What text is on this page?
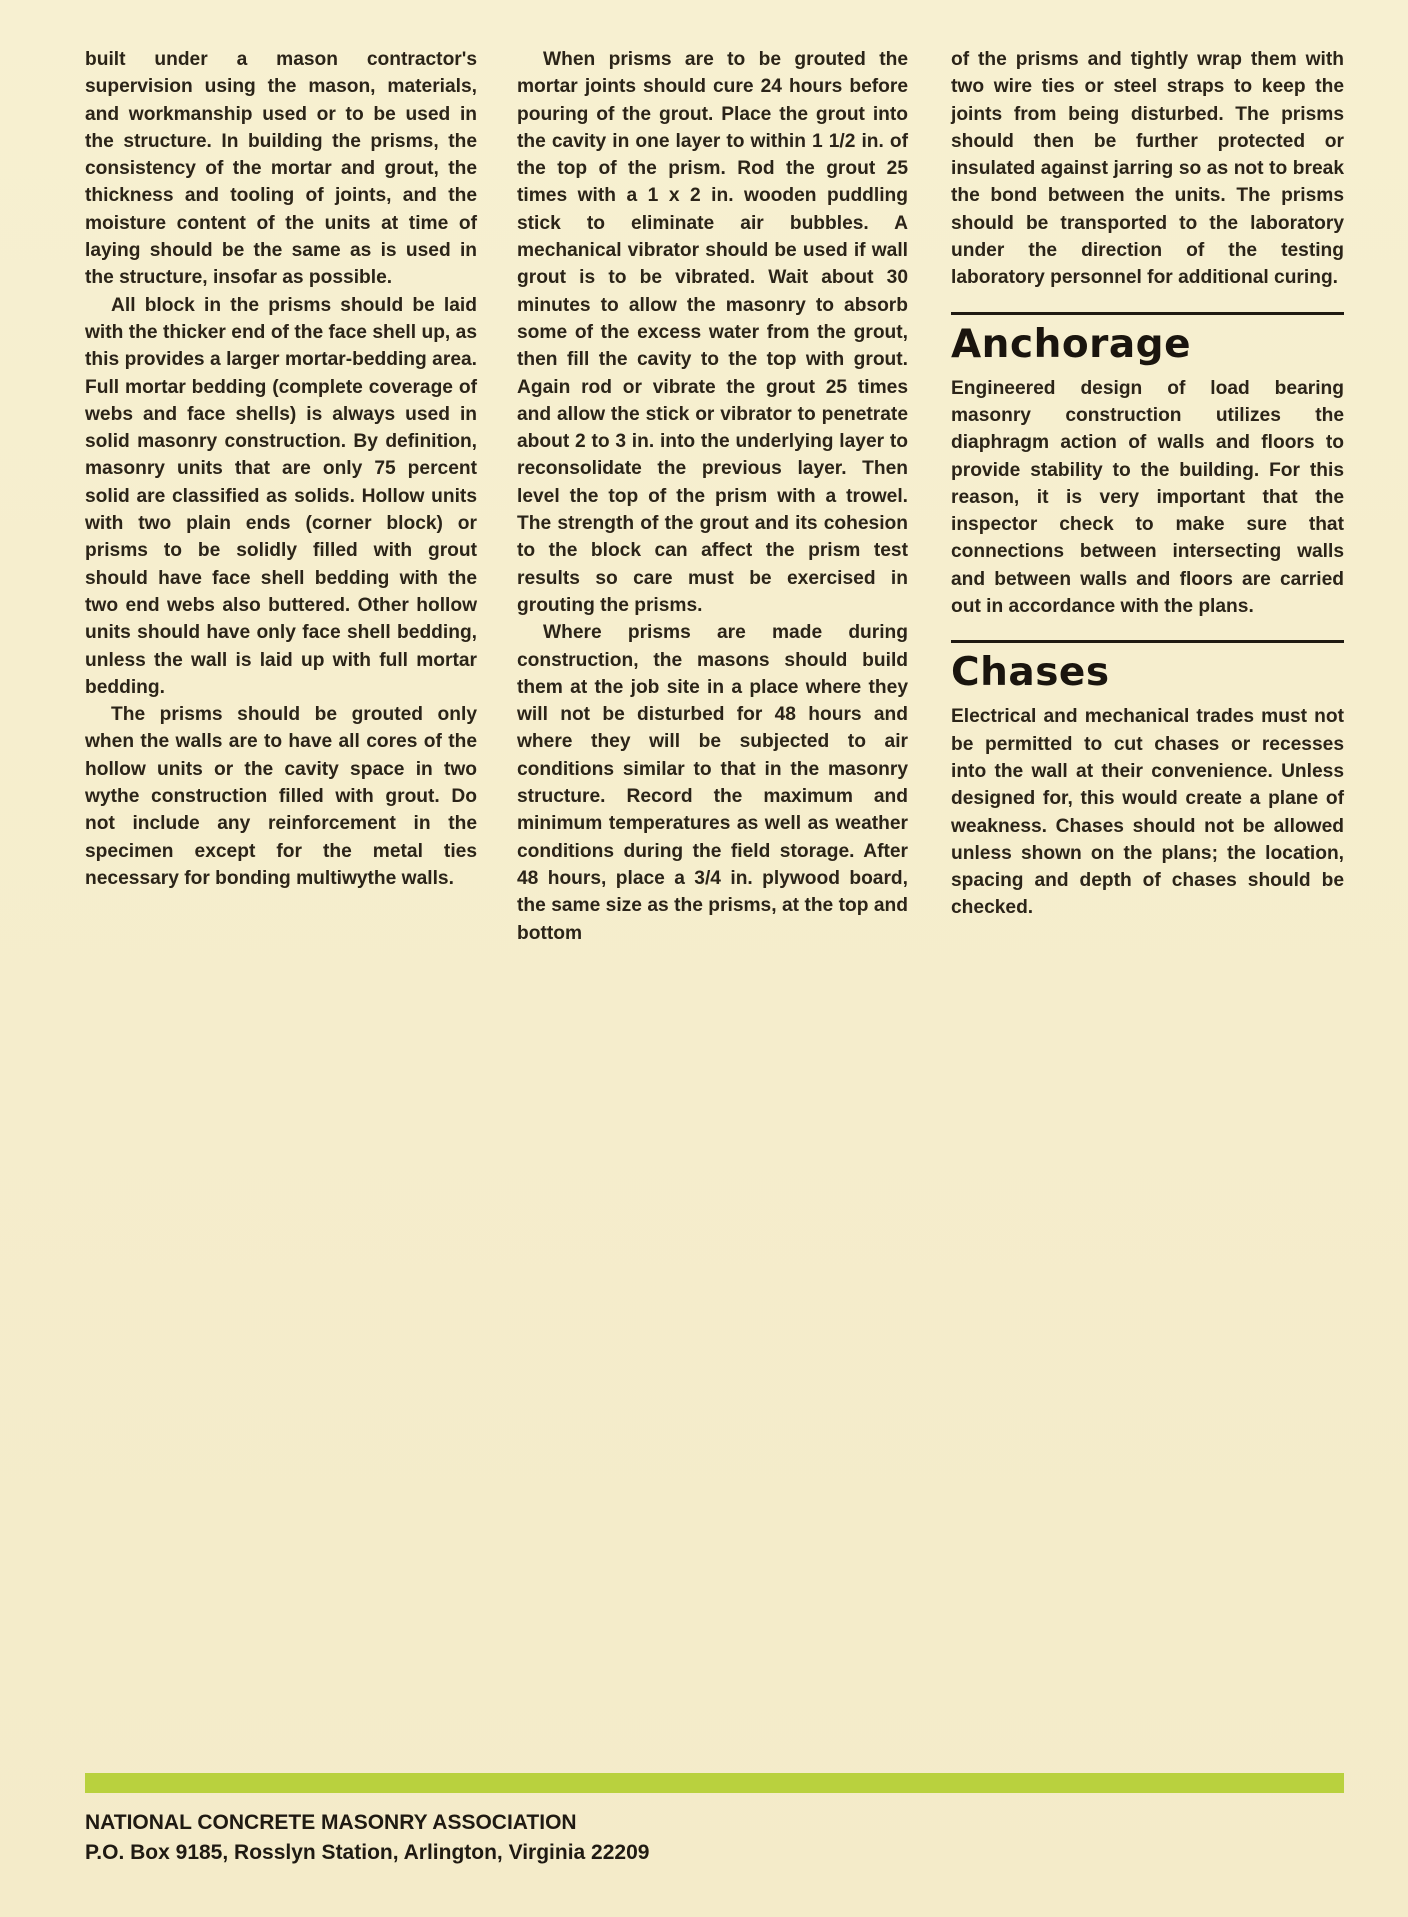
built under a mason contractor's supervision using the mason, materials, and workmanship used or to be used in the structure. In building the prisms, the consistency of the mortar and grout, the thickness and tooling of joints, and the moisture content of the units at time of laying should be the same as is used in the structure, insofar as possible.

All block in the prisms should be laid with the thicker end of the face shell up, as this provides a larger mortar-bedding area. Full mortar bedding (complete coverage of webs and face shells) is always used in solid masonry construction. By definition, masonry units that are only 75 percent solid are classified as solids. Hollow units with two plain ends (corner block) or prisms to be solidly filled with grout should have face shell bedding with the two end webs also buttered. Other hollow units should have only face shell bedding, unless the wall is laid up with full mortar bedding.

The prisms should be grouted only when the walls are to have all cores of the hollow units or the cavity space in two wythe construction filled with grout. Do not include any reinforcement in the specimen except for the metal ties necessary for bonding multiwythe walls.

When prisms are to be grouted the mortar joints should cure 24 hours before pouring of the grout. Place the grout into the cavity in one layer to within 1 1/2 in. of the top of the prism. Rod the grout 25 times with a 1 x 2 in. wooden puddling stick to eliminate air bubbles. A mechanical vibrator should be used if wall grout is to be vibrated. Wait about 30 minutes to allow the masonry to absorb some of the excess water from the grout, then fill the cavity to the top with grout. Again rod or vibrate the grout 25 times and allow the stick or vibrator to penetrate about 2 to 3 in. into the underlying layer to reconsolidate the previous layer. Then level the top of the prism with a trowel. The strength of the grout and its cohesion to the block can affect the prism test results so care must be exercised in grouting the prisms.

Where prisms are made during construction, the masons should build them at the job site in a place where they will not be disturbed for 48 hours and where they will be subjected to air conditions similar to that in the masonry structure. Record the maximum and minimum temperatures as well as weather conditions during the field storage. After 48 hours, place a 3/4 in. plywood board, the same size as the prisms, at the top and bottom

of the prisms and tightly wrap them with two wire ties or steel straps to keep the joints from being disturbed. The prisms should then be further protected or insulated against jarring so as not to break the bond between the units. The prisms should be transported to the laboratory under the direction of the testing laboratory personnel for additional curing.

Anchorage

Engineered design of load bearing masonry construction utilizes the diaphragm action of walls and floors to provide stability to the building. For this reason, it is very important that the inspector check to make sure that connections between intersecting walls and between walls and floors are carried out in accordance with the plans.

Chases

Electrical and mechanical trades must not be permitted to cut chases or recesses into the wall at their convenience. Unless designed for, this would create a plane of weakness. Chases should not be allowed unless shown on the plans; the location, spacing and depth of chases should be checked.

NATIONAL CONCRETE MASONRY ASSOCIATION
P.O. Box 9185, Rosslyn Station, Arlington, Virginia 22209
